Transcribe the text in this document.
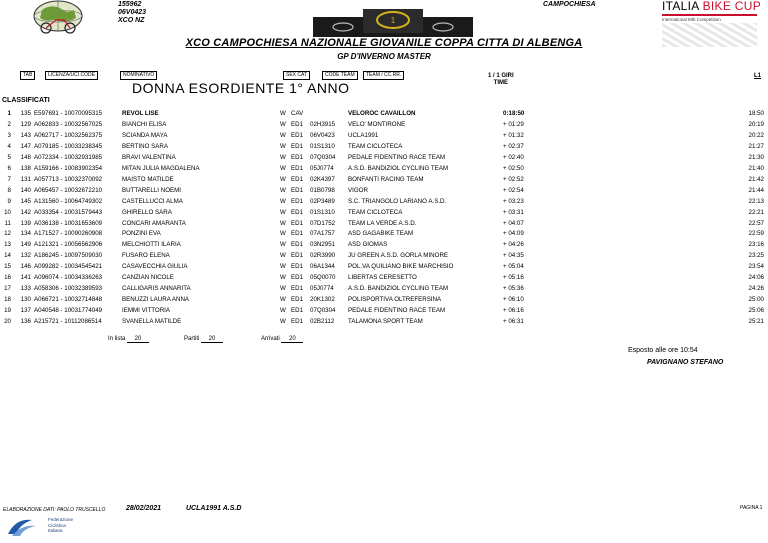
155962
06V0423
XCO NZ	1
CAMPOCHIESA	ITALIA BIKE CUP
International Mtb Competition
XCO CAMPOCHIESA NAZIONALE GIOVANILE COPPA CITTA DI ALBENGA
GP D'INVERNO MASTER
TAB	LICENZA/UCI CODE	NOMINATIVO	SEX CAT	CODE TEAM	TEAM / CC.RR.
DONNA ESORDIENTE 1° ANNO
1 / 1 GIRI
TIME
L1
CLASSIFICATI
1	135 E597691 - 10070095315	REVOL LISE	W CAV	VELOROC CAVAILLON	0:18:50	18:50
2	129 A062833 - 10032567025	BIANCHI ELISA	W ED1 02H3915 VELO' MONTIRONE	+ 01:29	20:19
3	143 A062717 - 10032562375	SCIANDA MAYA	W ED1 06V0423 UCLA1991	+ 01:32	20:22
4	147 A079185 - 10033238345	BERTINO SARA	W ED1 01S1310 TEAM CICLOTECA	+ 02:37	21:27
5	148 A072334 - 10032931985	BRAVI VALENTINA	W ED1 07Q0304 PEDALE FIDENTINO RACE TEAM	+ 02:40	21:30
6	138 A159166 - 10083902354	MITAN JULIA MAGDALENA	W ED1 05J0774 A.S.D. BANDIZIOL CYCLING TEAM	+ 02:50	21:40
7	131 A057713 - 10032370092	MAISTO MATILDE	W ED1 02K4397 BONFANTI RACING TEAM	+ 02:52	21:42
8	140 A065457 - 10032672210	BUTTARELLI NOEMI	W ED1 01B0798 VIGOR	+ 02:54	21:44
9	145 A131560 - 10064749302	CASTELLUCCI ALMA	W ED1 02P3489 S.C. TRIANGOLO LARIANO A.S.D.	+ 03:23	22:13
10	142 A033354 - 10031579443	GHIRELLO SARA	W ED1 01S1310 TEAM CICLOTECA	+ 03:31	22:21
11	139 A036138 - 10031653609	CONCARI AMARANTA	W ED1 07D1752 TEAM LA VERDE A.S.D.	+ 04:07	22:57
12	134 A171527 - 10090260908	PONZINI EVA	W ED1 07A1757 ASD GAGABIKE TEAM	+ 04:09	22:59
13	149 A121321 - 10056562906	MELCHIOTTI ILARIA	W ED1 03N2951 ASD GIOMAS	+ 04:26	23:16
14	132 A186245 - 10097509030	FUSARO ELENA	W ED1 02R3990 JU GREEN A.S.D. GORLA MINORE	+ 04:35	23:25
15	146 A099282 - 10034545421	CASAVECCHIA GIULIA	W ED1 06A1344 POL.VA QUILIANO BIKE MARCHISIO	+ 05:04	23:54
16	141 A096074 - 10034336263	CANZIAN NICOLE	W ED1 05Q0070 LIBERTAS CERESETTO	+ 05:16	24:06
17	133 A058306 - 10032389593	CALLIGARIS ANNARITA	W ED1 05J0774 A.S.D. BANDIZIOL CYCLING TEAM	+ 05:36	24:26
18	130 A066721 - 10032714848	BENUZZI LAURA ANNA	W ED1 20K1302 POLISPORTIVA OLTREFERSINA	+ 06:10	25:00
19	137 A040548 - 10031774049	IEMMI VITTORIA	W ED1 07Q0304 PEDALE FIDENTINO RACE TEAM	+ 06:16	25:06
20	136 A215721 - 10112086514	SVANELLA MATILDE	W ED1 02B2112 TALAMONA SPORT TEAM	+ 06:31	25:21
In lista 20	Partiti 20	Arrivati 20
Esposto alle ore 10:54
PAVIGNANO STEFANO
ELABORAZIONE DATI: PAOLO TRUSCELLO	28/02/2021	UCLA1991 A.S.D	PAGINA 1
Federazione
Ciclistica
Italiana
